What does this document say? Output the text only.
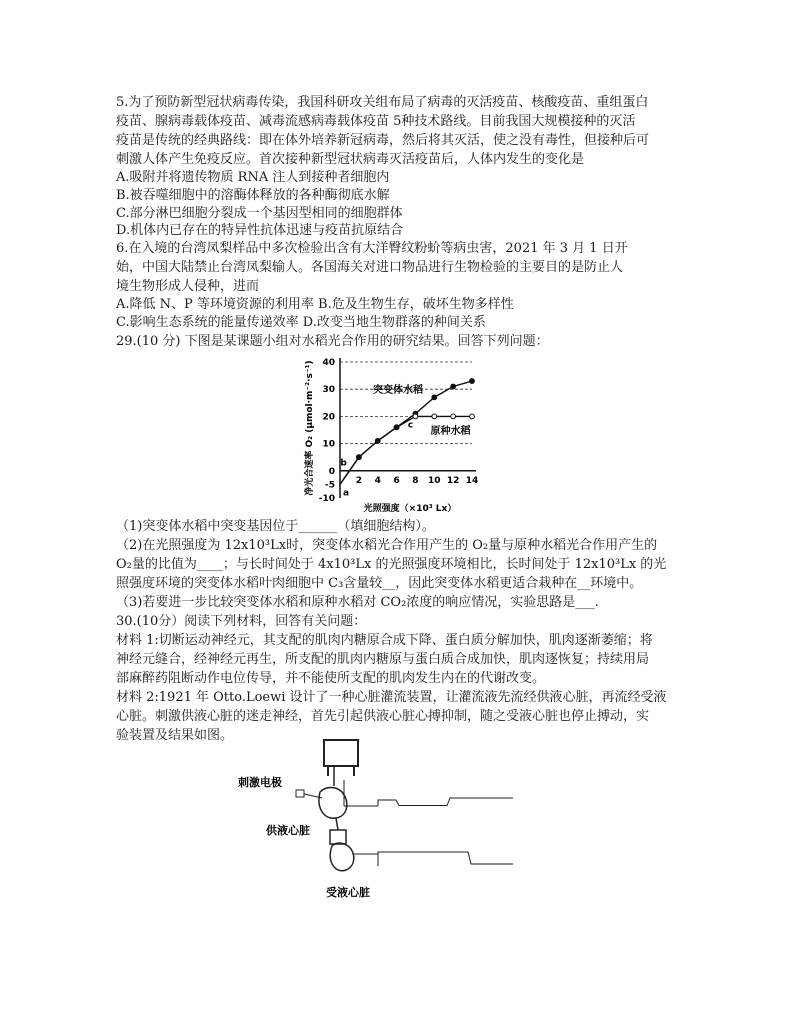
5.为了预防新型冠状病毒传染，我国科研攻关组布局了病毒的灭活疫苗、核酸疫苗、重组蛋白
疫苗、腺病毒载体疫苗、减毒流感病毒载体疫苗 5种技术路线。目前我国大规模接种的灭活
疫苗是传统的经典路线：即在体外培养新冠病毒，然后将其灭活，使之没有毒性，但接种后可
刺激人体产生免疫反应。首次接种新型冠状病毒灭活疫苗后，人体内发生的变化是
A.吸附并将遗传物质 RNA 注人到接种者细胞内
B.被吞噬细胞中的溶酶体释放的各种酶彻底水解
C.部分淋巴细胞分裂成一个基因型相同的细胞群体
D.机体内已存在的特异性抗体迅速与疫苗抗原结合
6.在入境的台湾凤梨样品中多次检验出含有大洋臀纹粉蚧等病虫害，2021 年 3 月 1 日开
始，中国大陆禁止台湾凤梨输人。各国海关对进口物品进行生物检验的主要目的是防止人
境生物形成人侵种，进而
A.降低 N、P 等环境资源的利用率 B.危及生物生存，破坏生物多样性
C.影响生态系统的能量传递效率 D.改变当地生物群落的种间关系
29.(10 分) 下图是某课题小组对水稻光合作用的研究结果。回答下列问题：
净光合速率 O₂ (μmol·m⁻²·s⁻¹)
光照强度（×10³ Lx）
-10
-5
0
10
20
30
40
2 4 6 8 10 12 14
突变体水稻
原种水稻
a
b
c
（1)突变体水稻中突变基因位于______（填细胞结构）。
（2)在光照强度为 12x10³Lx时，突变体水稻光合作用产生的 O₂量与原种水稻光合作用产生的
O₂量的比值为____；与长时间处于 4x10³Lx 的光照强度环境相比，长时间处于 12x10³Lx 的光
照强度环境的突变体水稻叶肉细胞中 C₃含量较__，因此突变体水稻更适合栽种在__环境中。
（3)若要进一步比较突变体水稻和原种水稻对 CO₂浓度的响应情况，实验思路是___.
30.(10分）阅读下列材料，回答有关问题：
材料 1:切断运动神经元，其支配的肌肉内糖原合成下降、蛋白质分解加快，肌肉逐渐萎缩；将
神经元缝合，经神经元再生，所支配的肌肉内糖原与蛋白质合成加快，肌肉逐恢复；持续用局
部麻醉药阻断动作电位传导，并不能使所支配的肌肉发生内在的代谢改变。
材料 2:1921 年 Otto.Loewi 设计了一种心脏灌流装置，让灌流液先流经供液心脏，再流经受液
心脏。刺激供液心脏的迷走神经，首先引起供液心脏心搏抑制，随之受液心脏也停止搏动，实
验装置及结果如图。
刺激电极
供液心脏
受液心脏
